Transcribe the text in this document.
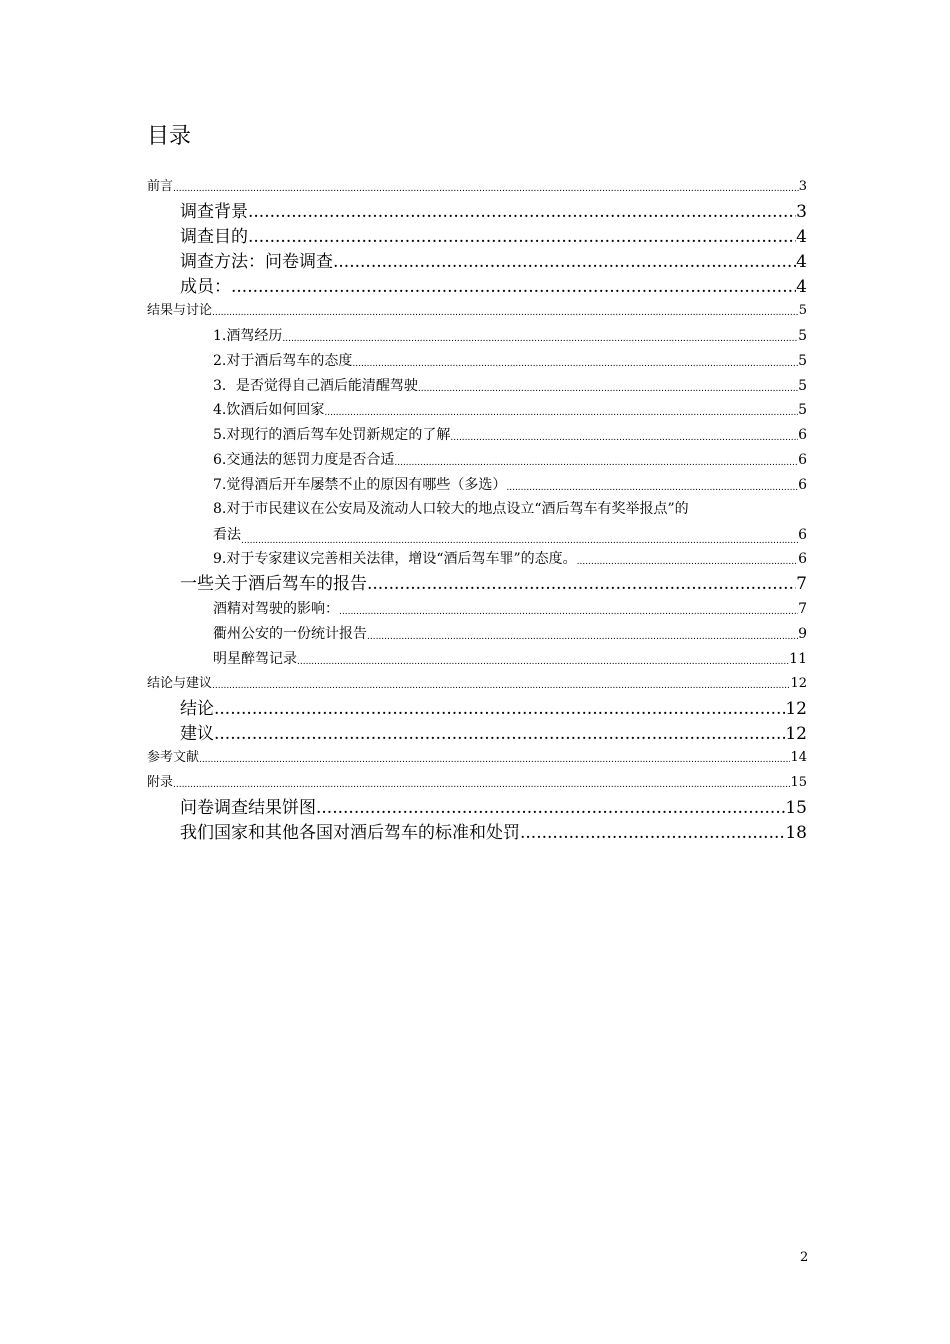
目录
前言 .....	3
调查背景 .....	3
调查目的 .....	4
调查方法：问卷调查 .....	4
成员： .....	4
结果与讨论 .....	5
1.酒驾经历 .....	5
2.对于酒后驾车的态度 .....	5
3．是否觉得自己酒后能清醒驾驶 .....	5
4.饮酒后如何回家 .....	5
5.对现行的酒后驾车处罚新规定的了解 .....	6
6.交通法的惩罚力度是否合适 .....	6
7.觉得酒后开车屡禁不止的原因有哪些（多选） .....	6
8.对于市民建议在公安局及流动人口较大的地点设立“酒后驾车有奖举报点”的
看法 .....	6
9.对于专家建议完善相关法律，增设“酒后驾车罪”的态度。 .....	6
一些关于酒后驾车的报告 .....	7
酒精对驾驶的影响： .....	7
衢州公安的一份统计报告 .....	9
明星醉驾记录 .....	11
结论与建议 .....	12
结论 .....	12
建议 .....	12
参考文献 .....	14
附录 .....	15
问卷调查结果饼图 .....	15
我们国家和其他各国对酒后驾车的标准和处罚 .....	18
2
